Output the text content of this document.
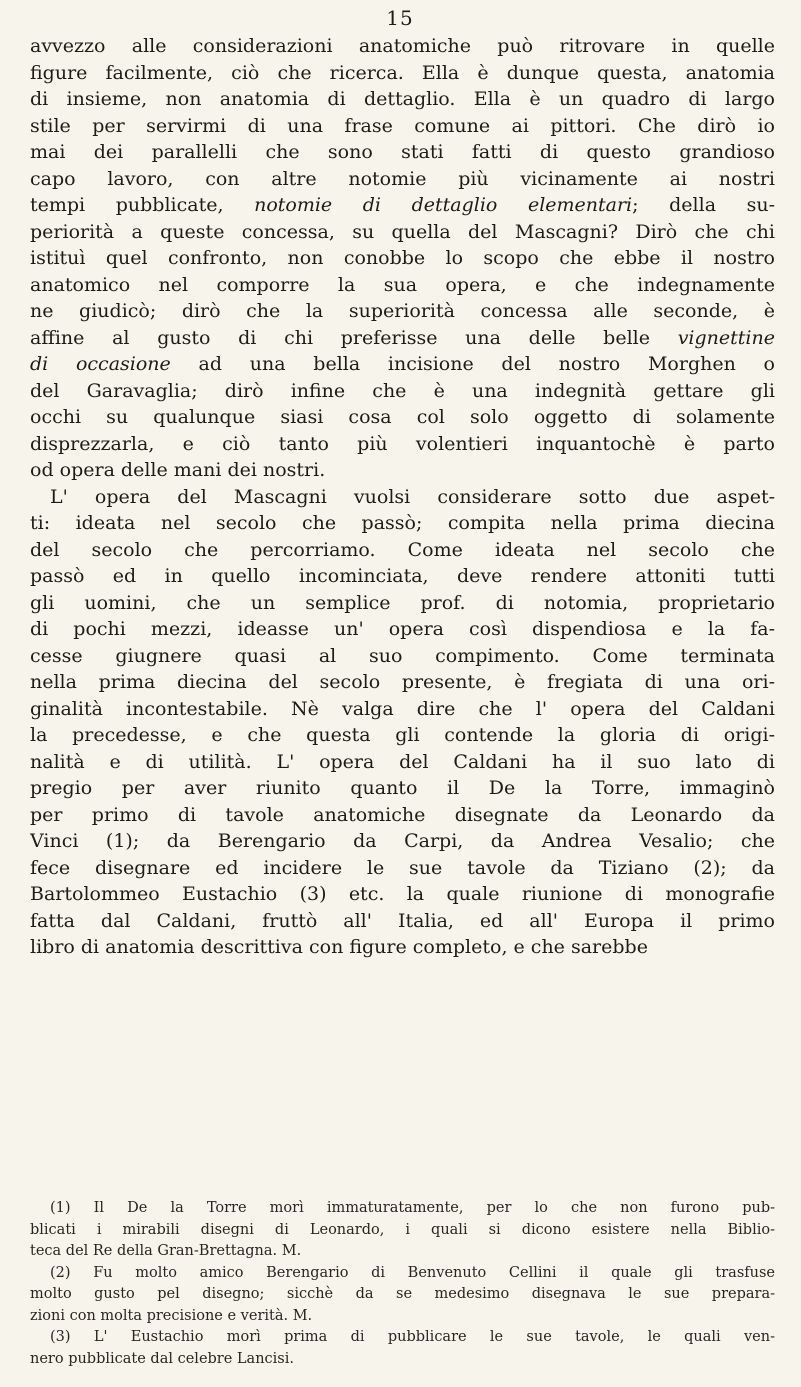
15
avvezzo alle considerazioni anatomiche può ritrovare in quelle
figure facilmente, ciò che ricerca. Ella è dunque questa, anatomia
di insieme, non anatomia di dettaglio. Ella è un quadro di largo
stile per servirmi di una frase comune ai pittori. Che dirò io
mai dei parallelli che sono stati fatti di questo grandioso
capo lavoro, con altre notomie più vicinamente ai nostri
tempi pubblicate, notomie di dettaglio elementari; della su-
periorità a queste concessa, su quella del Mascagni? Dirò che chi
istituì quel confronto, non conobbe lo scopo che ebbe il nostro
anatomico nel comporre la sua opera, e che indegnamente
ne giudicò; dirò che la superiorità concessa alle seconde, è
affine al gusto di chi preferisse una delle belle vignettine
di occasione ad una bella incisione del nostro Morghen o
del Garavaglia; dirò infine che è una indegnità gettare gli
occhi su qualunque siasi cosa col solo oggetto di solamente
disprezzarla, e ciò tanto più volentieri inquantochè è parto
od opera delle mani dei nostri.
L' opera del Mascagni vuolsi considerare sotto due aspet-
ti: ideata nel secolo che passò; compita nella prima diecina
del secolo che percorriamo. Come ideata nel secolo che
passò ed in quello incominciata, deve rendere attoniti tutti
gli uomini, che un semplice prof. di notomia, proprietario
di pochi mezzi, ideasse un' opera così dispendiosa e la fa-
cesse giugnere quasi al suo compimento. Come terminata
nella prima diecina del secolo presente, è fregiata di una ori-
ginalità incontestabile. Nè valga dire che l' opera del Caldani
la precedesse, e che questa gli contende la gloria di origi-
nalità e di utilità. L' opera del Caldani ha il suo lato di
pregio per aver riunito quanto il De la Torre, immaginò
per primo di tavole anatomiche disegnate da Leonardo da
Vinci (1); da Berengario da Carpi, da Andrea Vesalio; che
fece disegnare ed incidere le sue tavole da Tiziano (2); da
Bartolommeo Eustachio (3) etc. la quale riunione di monografie
fatta dal Caldani, fruttò all' Italia, ed all' Europa il primo
libro di anatomia descrittiva con figure completo, e che sarebbe
(1) Il De la Torre morì immaturatamente, per lo che non furono pub-
blicati i mirabili disegni di Leonardo, i quali si dicono esistere nella Biblio-
teca del Re della Gran-Brettagna. M.
(2) Fu molto amico Berengario di Benvenuto Cellini il quale gli trasfuse
molto gusto pel disegno; sicchè da se medesimo disegnava le sue prepara-
zioni con molta precisione e verità. M.
(3) L' Eustachio morì prima di pubblicare le sue tavole, le quali ven-
nero pubblicate dal celebre Lancisi.
